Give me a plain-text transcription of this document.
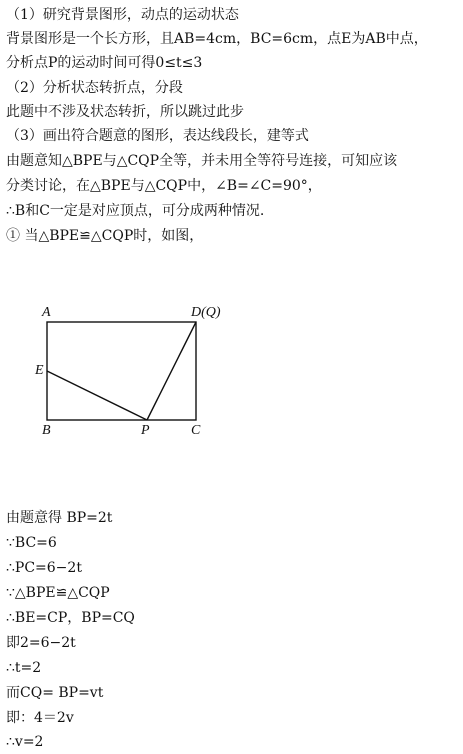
（1）研究背景图形，动点的运动状态
背景图形是一个长方形，且AB=4cm，BC=6cm，点E为AB中点，
分析点P的运动时间可得0≤t≤3
（2）分析状态转折点，分段
此题中不涉及状态转折，所以跳过此步
（3）画出符合题意的图形，表达线段长，建等式
由题意知△BPE与△CQP全等，并未用全等符号连接，可知应该
分类讨论，在△BPE与△CQP中，∠B=∠C=90°，
∴B和C一定是对应顶点，可分成两种情况.
① 当△BPE≌△CQP时，如图，
A	D(Q)
E
B	P	C
由题意得 BP=2t
∵BC=6
∴PC=6−2t
∵△BPE≌△CQP
∴BE=CP，BP=CQ
即2=6−2t
∴t=2
而CQ= BP=vt
即：4＝2v
∴v=2
